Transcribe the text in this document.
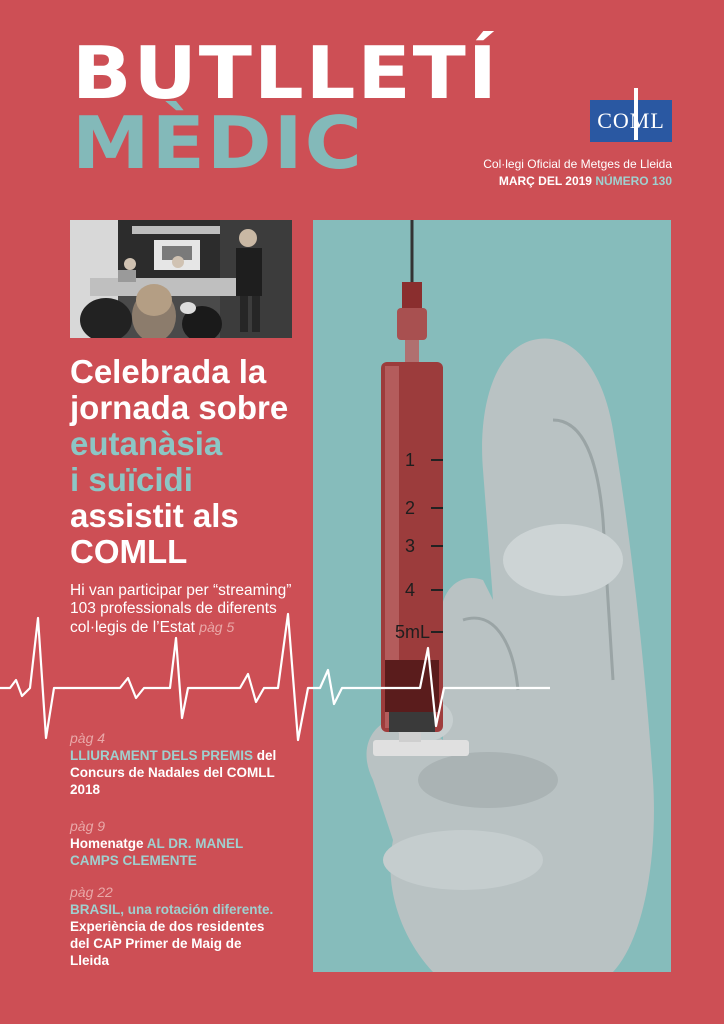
BUTLLETÍ
MÈDIC	COML
Col·legi Oficial de Metges de Lleida
MARÇ DEL 2019 NÚMERO 130
Celebrada la
jornada sobre
eutanàsia
i suïcidi
assistit als
COMLL
Hi van participar per “streaming” 103 professionals de diferents col·legis de l’Estat pàg 5
1
2
3
4
5mL
pàg 4
LLIURAMENT DELS PREMIS del Concurs de Nadales del COMLL 2018
pàg 9
Homenatge AL DR. MANEL CAMPS CLEMENTE
pàg 22
BRASIL, una rotación diferente. Experiència de dos residentes del CAP Primer de Maig de Lleida
